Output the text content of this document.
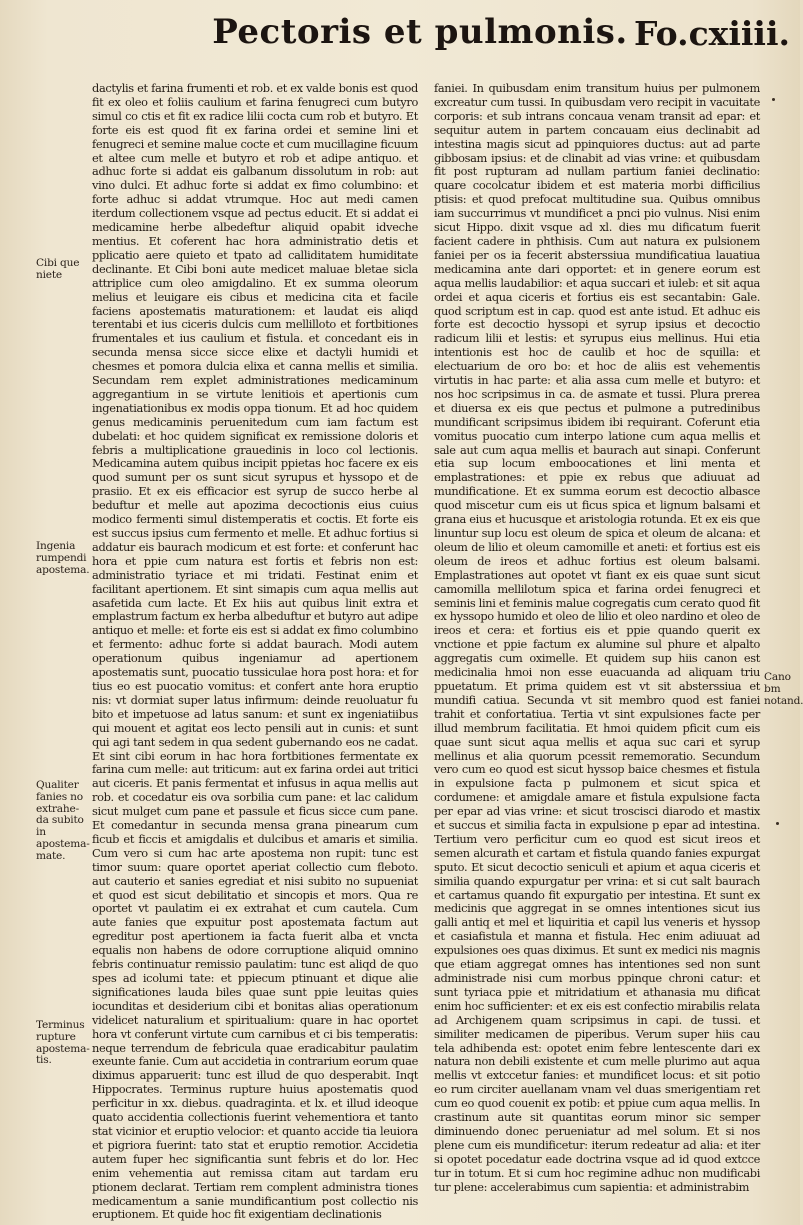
Pectoris et pulmonis. Fo.cxiiii.

dactylis et farina frumenti et rob. et ex valde bonis est quod fit ex oleo et foliis caulium et farina fenugreci cum butyro simul co ctis et fit ex radice lilii cocta cum rob et butyro. Et forte eis est quod fit ex farina ordei et semine lini et fenugreci et semine malue cocte et cum mucillagine ficuum et altee cum melle et butyro et rob et adipe antiquo. et adhuc forte si addat eis galbanum dissolutum in rob: aut vino dulci. Et adhuc forte si addat ex fimo columbino: et forte adhuc si addat vtrumque. Hoc aut medi camen iterdum collectionem vsque ad pectus educit. Et si addat ei medicamine herbe albedeftur aliquid opabit idveche mentius. Et coferent hac hora administratio detis et pplicatio aere quieto et tpato ad calliditatem humiditate declinante. Et Cibi boni aute medicet maluae bletae sicla attriplice cum oleo amigdalino. Et ex summa oleorum melius et leuigare eis cibus et medicina cita et facile faciens apostematis maturationem: et laudat eis aliqd terentabi et ius ciceris dulcis cum mellilloto et fortbitiones frumentales et ius caulium et fistula. et concedant eis in secunda mensa sicce sicce elixe et dactyli humidi et chesmes et pomora dulcia elixa et canna mellis et similia. Secundam rem explet administrationes medicaminum aggregantium in se virtute lenitiois et apertionis cum ingenatiationibus ex modis oppa tionum. Et ad hoc quidem genus medicaminis peruenitedum cum iam factum est dubelati: et hoc quidem significat ex remissione doloris et febris a multiplicatione grauedinis in loco col lectionis. Medicamina autem quibus incipit ppietas hoc facere ex eis quod sumunt per os sunt sicut syrupus et hyssopo et de prasiio. Et ex eis efficacior est syrup de succo herbe al beduftur et melle aut apozima decoctionis eius cuius modico fermenti simul distemperatis et coctis. Et forte eis est succus ipsius cum fermento et melle. Et adhuc fortius si addatur eis baurach modicum et est forte: et conferunt hac hora et ppie cum natura est fortis et febris non est: administratio tyriace et mi tridati. Festinat enim et facilitant apertionem. Et sint simapis cum aqua mellis aut asafetida cum lacte. Et Ex hiis aut quibus linit extra et emplastrum factum ex herba albeduftur et butyro aut adipe antiquo et melle: et forte eis est si addat ex fimo columbino et fermento: adhuc forte si addat baurach. Modi autem operationum quibus ingeniamur ad apertionem apostematis sunt, puocatio tussiculae hora post hora: et for tius eo est puocatio vomitus: et confert ante hora eruptio nis: vt dormiat super latus infirmum: deinde reuoluatur fu bito et impetuose ad latus sanum: et sunt ex ingeniatiibus qui mouent et agitat eos lecto pensili aut in cunis: et sunt qui agi tant sedem in qua sedent gubernando eos ne cadat. Et sint cibi eorum in hac hora fortbitiones fermentate ex farina cum melle: aut triticum: aut ex farina ordei aut tritici aut ciceris. Et panis fermentat et infusus in aqua mellis aut rob. et cocedatur eis ova sorbilia cum pane: et lac calidum sicut mulget cum pane et passule et ficus sicce cum pane. Et comedantur in secunda mensa grana pinearum cum ficub et ficcis et amigdalis et dulcibus et amaris et similia. Cum vero si cum hac arte apostema non rupit: tunc est timor suum: quare oportet aperiat collectio cum fleboto. aut cauterio et sanies egrediat et nisi subito no supueniat et quod est sicut debilitatio et sincopis et mors. Qua re oportet vt paulatim ei ex extrahat et cum cautela. Cum aute fanies que expuitur post apostemata factum aut egreditur post apertionem ia facta fuerit alba et vncta equalis non habens de odore corruptione aliquid omnino febris continuatur remissio paulatim: tunc est aliqd de quo spes ad icolumi tate: et ppiecum ptinuant et dique alie significationes lauda biles quae sunt ppie leuitas quies iocunditas et desiderium cibi et bonitas alias operationum videlicet naturalium et spiritualium: quare in hac oportet hora vt conferunt virtute cum carnibus et ci bis temperatis: neque terrendum de febricula quae eradicabitur paulatim exeunte fanie. Cum aut accidetia in contrarium eorum quae diximus apparuerit: tunc est illud de quo desperabit. Inqt Hippocrates. Terminus rupture huius apostematis quod perficitur in xx. diebus. quadraginta. et lx. et illud ideoque quato accidentia collectionis fuerint vehementiora et tanto stat vicinior et eruptio velocior: et quanto accide tia leuiora et pigriora fuerint: tato stat et eruptio remotior. Accidetia autem fuper hec significantia sunt febris et do lor. Hec enim vehementia aut remissa citam aut tardam eru ptionem declarat. Tertiam rem complent administra tiones medicamentum a sanie mundificantium post collectio nis eruptionem. Et quide hoc fit exigentiam declinationis

faniei. In quibusdam enim transitum huius per pulmonem excreatur cum tussi. In quibusdam vero recipit in vacuitate corporis: et sub intrans concaua venam transit ad epar: et sequitur autem in partem concauam eius declinabit ad intestina magis sicut ad ppinquiores ductus: aut ad parte gibbosam ipsius: et de clinabit ad vias vrine: et quibusdam fit post rupturam ad nullam partium faniei declinatio: quare cocolcatur ibidem et est materia morbi difficilius ptisis: et quod prefocat multitudine sua. Quibus omnibus iam succurrimus vt mundificet a pnci pio vulnus. Nisi enim sicut Hippo. dixit vsque ad xl. dies mu dificatum fuerit facient cadere in phthisis. Cum aut natura ex pulsionem faniei per os ia fecerit absterssiua mundificatiua lauatiua medicamina ante dari opportet: et in genere eorum est aqua mellis laudabilior: et aqua succari et iuleb: et sit aqua ordei et aqua ciceris et fortius eis est secantabin: Gale. quod scriptum est in cap. quod est ante istud. Et adhuc eis forte est decoctio hyssopi et syrup ipsius et decoctio radicum lilii et lestis: et syrupus eius mellinus. Hui etia intentionis est hoc de caulib et hoc de squilla: et electuarium de oro bo: et hoc de aliis est vehementis virtutis in hac parte: et alia assa cum melle et butyro: et nos hoc scripsimus in ca. de asmate et tussi. Plura prerea et diuersa ex eis que pectus et pulmone a putredinibus mundificant scripsimus ibidem ibi requirant. Coferunt etia vomitus puocatio cum interpo latione cum aqua mellis et sale aut cum aqua mellis et baurach aut sinapi. Conferunt etia sup locum emboocationes et lini menta et emplastrationes: et ppie ex rebus que adiuuat ad mundificatione. Et ex summa eorum est decoctio albasce quod miscetur cum eis ut ficus spica et lignum balsami et grana eius et hucusque et aristologia rotunda. Et ex eis que linuntur sup locu est oleum de spica et oleum de alcana: et oleum de lilio et oleum camomille et aneti: et fortius est eis oleum de ireos et adhuc fortius est oleum balsami. Emplastrationes aut opotet vt fiant ex eis quae sunt sicut camomilla mellilotum spica et farina ordei fenugreci et seminis lini et feminis malue cogregatis cum cerato quod fit ex hyssopo humido et oleo de lilio et oleo nardino et oleo de ireos et cera: et fortius eis et ppie quando querit ex vnctione et ppie factum ex alumine sul phure et alpalto aggregatis cum oximelle. Et quidem sup hiis canon est medicinalia hmoi non esse euacuanda ad aliquam triu ppuetatum. Et prima quidem est vt sit absterssiua et mundifi catiua. Secunda vt sit membro quod est faniei trahit et confortatiua. Tertia vt sint expulsiones facte per illud membrum facilitatia. Et hmoi quidem pficit cum eis quae sunt sicut aqua mellis et aqua suc cari et syrup mellinus et alia quorum pcessit rememoratio. Secundum vero cum eo quod est sicut hyssop baice chesmes et fistula in expulsione facta p pulmonem et sicut spica et cordumene: et amigdale amare et fistula expulsione facta per epar ad vias vrine: et sicut troscisci diarodo et mastix et succus et similia facta in expulsione p epar ad intestina. Tertium vero perficitur cum eo quod est sicut ireos et semen alcurath et cartam et fistula quando fanies expurgat sputo. Et sicut decoctio seniculi et apium et aqua ciceris et similia quando expurgatur per vrina: et si cut salt baurach et cartamus quando fit expurgatio per intestina. Et sunt ex medicinis que aggregat in se omnes intentiones sicut ius galli antiq et mel et liquiritia et capil lus veneris et hyssop et casiafistula et manna et fistula. Hec enim adiuuat ad expulsiones oes quas diximus. Et sunt ex medici nis magnis que etiam aggregat omnes has intentiones sed non sunt administrade nisi cum morbus ppinque chroni catur: et sunt tyriaca ppie et mitridatium et athanasia mu dificat enim hoc sufficienter: et ex eis est confectio mirabilis relata ad Archigenem quam scripsimus in capi. de tussi. et similiter medicamen de piperibus. Verum super hiis cau tela adhibenda est: opotet enim febre lentescente dari ex natura non debili existente et cum melle plurimo aut aqua mellis vt extccetur fanies: et mundificet locus: et sit potio eo rum circiter auellanam vnam vel duas smerigentiam ret cum eo quod couenit ex potib: et ppiue cum aqua mellis. In crastinum aute sit quantitas eorum minor sic semper diminuendo donec perueniatur ad mel solum. Et si nos plene cum eis mundificetur: iterum redeatur ad alia: et iter si opotet pocedatur eade doctrina vsque ad id quod extcce tur in totum. Et si cum hoc regimine adhuc non mudificabi tur plene: accelerabimus cum sapientia: et administrabim

Cibi que niete
Ingenia rumpendi apostema.
Qualiter fanies no extrahe-da subito in apostema-mate.
Terminus rupture apostema-tis.
Cano bm notand.
